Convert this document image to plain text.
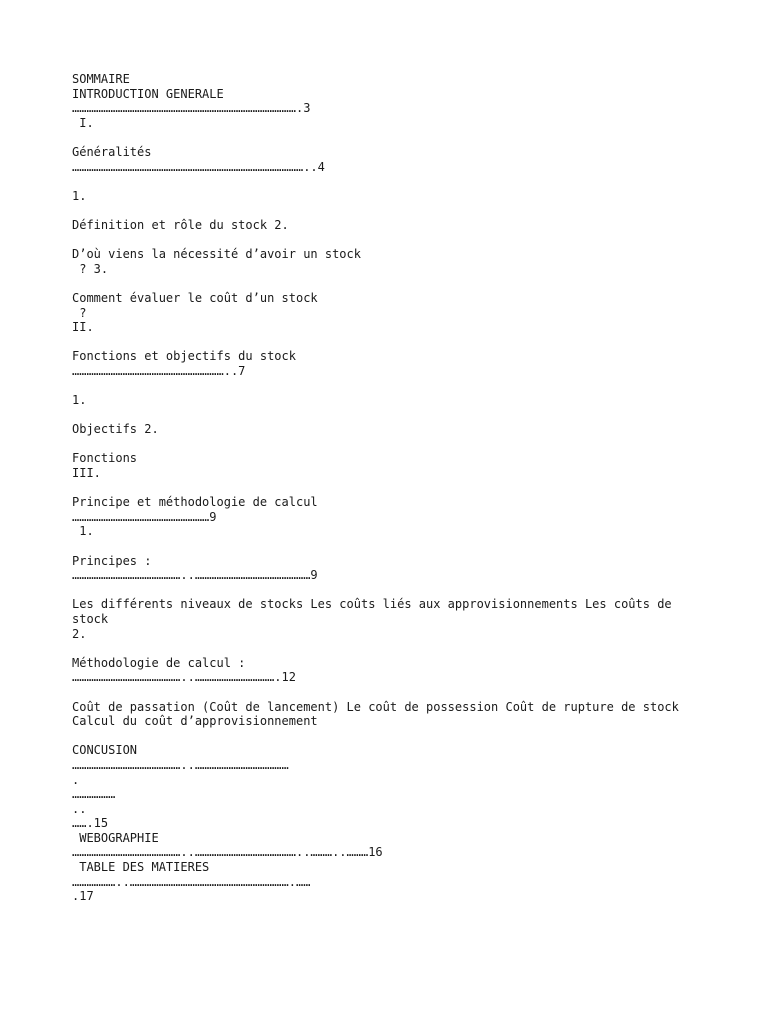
SOMMAIRE
INTRODUCTION GENERALE
………………………………………………………………………………….3
I.
Généralités
……………………………………………………………………………………..4
1.
Définition et rôle du stock 2.
D’où viens la nécessité d’avoir un stock
? 3.
Comment évaluer le coût d’un stock
?
II.
Fonctions et objectifs du stock
………………………………………………………..7
1.
Objectifs 2.
Fonctions
III.
Principe et méthodologie de calcul
…………………………………………………9
1.
Principes :
………………………………………..…………………………………………9
Les différents niveaux de stocks Les coûts liés aux approvisionnements Les coûts de stock
2.
Méthodologie de calcul :
………………………………………..…………………………….12
Coût de passation (Coût de lancement) Le coût de possession Coût de rupture de stock
Calcul du coût d’approvisionnement
CONCUSION
………………………………………..…………………………………
.
………………
..
…….15
WEBOGRAPHIE
………………………………………..……………………………………..………..………16
TABLE DES MATIERES
………………..………………………………………………………….……
.17
